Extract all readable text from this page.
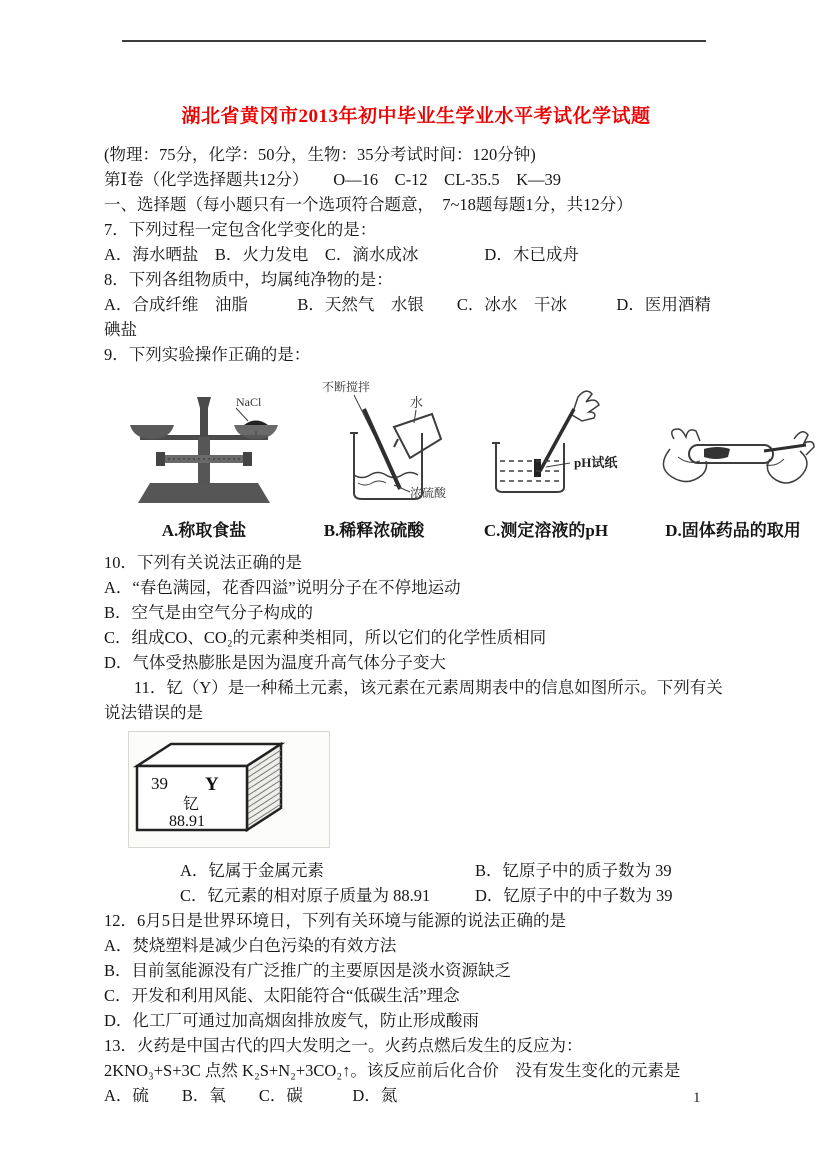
湖北省黄冈市2013年初中毕业生学业水平考试化学试题

(物理：75分，化学：50分，生物：35分考试时间：120分钟)

第Ⅰ卷（化学选择题共12分）　　O—16　C-12　CL-35.5　K—39

一、选择题（每小题只有一个选项符合题意，　7~18题每题1分，共12分）

7．下列过程一定包含化学变化的是：

A．海水晒盐　B．火力发电　C．滴水成冰　　　　D．木已成舟

8．下列各组物质中，均属纯净物的是：

A．合成纤维　油脂　　　B．天然气　水银　　C．冰水　干冰　　　D．医用酒精

碘盐

9．下列实验操作正确的是：

NaCl
A.称取食盐
不断搅拌
水
浓硫酸
B.稀释浓硫酸
pH试纸
C.测定溶液的pH	D.固体药品的取用

10．下列有关说法正确的是

A．“春色满园，花香四溢”说明分子在不停地运动

B．空气是由空气分子构成的

C．组成CO、CO₂的元素种类相同，所以它们的化学性质相同

D．气体受热膨胀是因为温度升高气体分子变大

11．钇（Y）是一种稀土元素，该元素在元素周期表中的信息如图所示。下列有关说法错误的是

39 Y
钇
88.91
A．钇属于金属元素	B．钇原子中的质子数为 39
C．钇元素的相对原子质量为 88.91	D．钇原子中的中子数为 39

12．6月5日是世界环境日，下列有关环境与能源的说法正确的是

A．焚烧塑料是减少白色污染的有效方法

B．目前氢能源没有广泛推广的主要原因是淡水资源缺乏

C．开发和利用风能、太阳能符合“低碳生活”理念

D．化工厂可通过加高烟囱排放废气，防止形成酸雨

13．火药是中国古代的四大发明之一。火药点燃后发生的反应为：

2KNO₃+S+3C 点然 K₂S+N₂+3CO₂↑。该反应前后化合价　没有发生变化的元素是

A．硫　　B．氧　　C．碳　　　D．氮	1
